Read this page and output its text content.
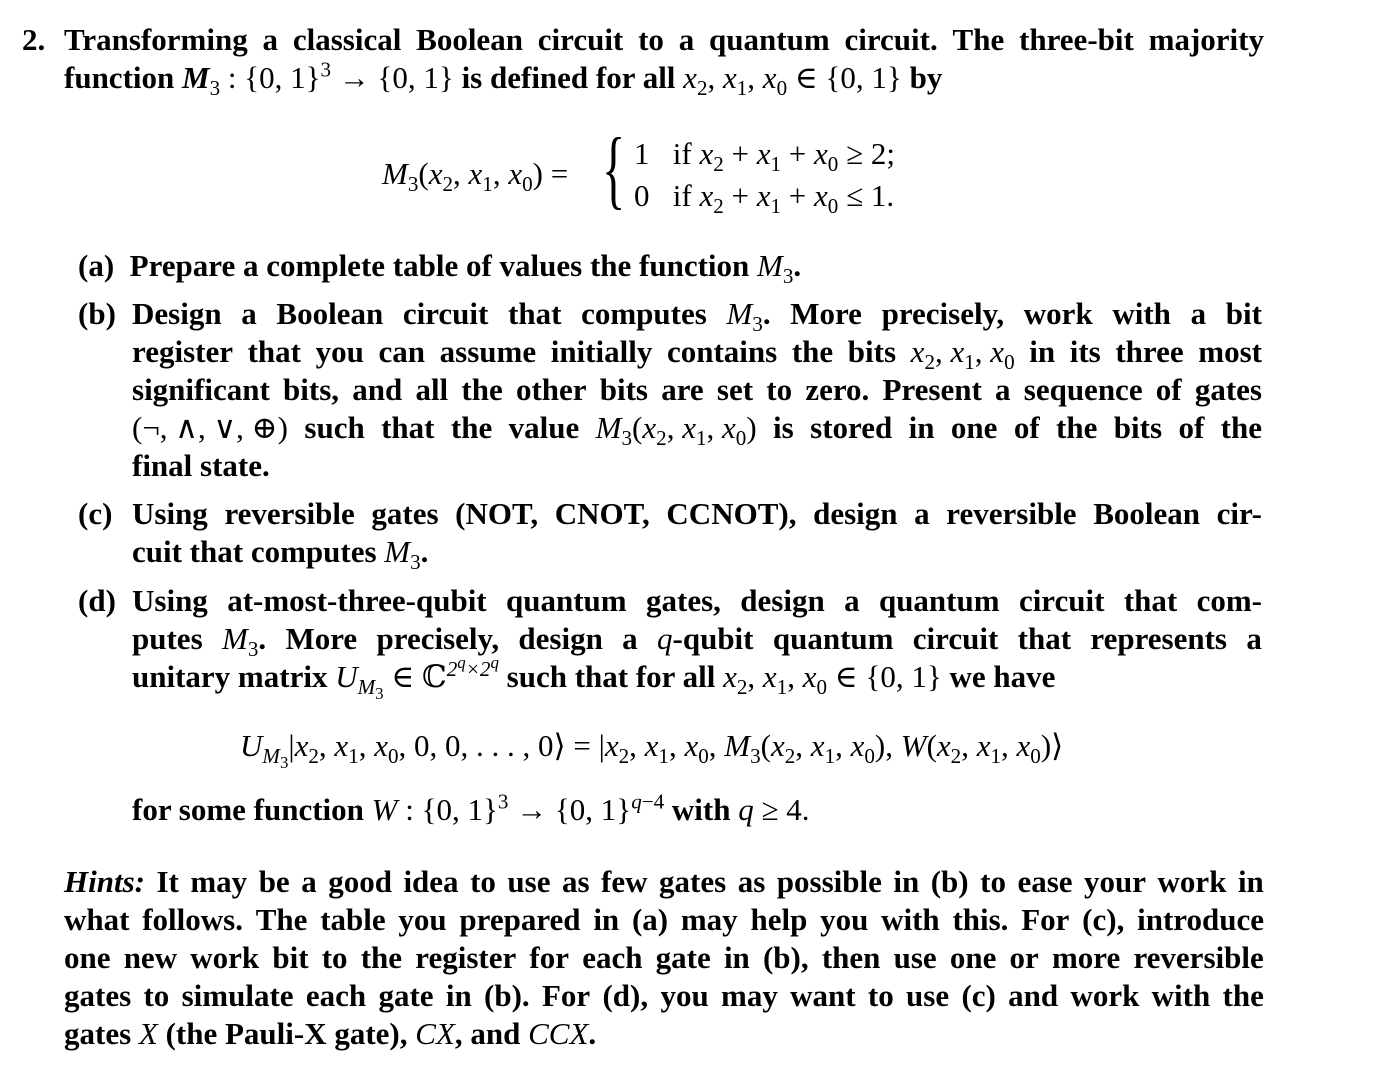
2. Transforming a classical Boolean circuit to a quantum circuit. The three-bit majority
function $M_3$ : {0, 1}$^3$ → {0, 1} is defined for all $x_2$, $x_1$, $x_0$ ∈ {0, 1} by
$M_3(x_2$, $x_1$, $x_0$) = { 1   if $x_2 + x_1 + x_0 \ge 2$;
0   if $x_2 + x_1 + x_0 \le 1$.
(a)  Prepare a complete table of values the function $M_3$.
(b) Design a Boolean circuit that computes $M_3$. More precisely, work with a bit
register that you can assume initially contains the bits $x_2$, $x_1$, $x_0$ in its three most
significant bits, and all the other bits are set to zero. Present a sequence of gates
(¬, ∧, ∨, ⊕) such that the value $M_3(x_2$, $x_1$, $x_0$) is stored in one of the bits of the
final state.
(c) Using reversible gates (NOT, CNOT, CCNOT), design a reversible Boolean cir-
cuit that computes $M_3$.
(d) Using at-most-three-qubit quantum gates, design a quantum circuit that com-
putes $M_3$. More precisely, design a q-qubit quantum circuit that represents a
unitary matrix $U_{M_3}$ ∈ ℂ$^{2^q\times 2^q}$ such that for all $x_2$, $x_1$, $x_0$ ∈ {0, 1} we have
$U_{M_3}|x_2$, $x_1$, $x_0$, 0, 0, . . . , 0⟩ = $|x_2$, $x_1$, $x_0$, $M_3(x_2$, $x_1$, $x_0$), $W(x_2$, $x_1$, $x_0)⟩$
for some function W : {0, 1}$^3$ → {0, 1}$^{q-4}$ with q ≥ 4.
Hints: It may be a good idea to use as few gates as possible in (b) to ease your work in
what follows. The table you prepared in (a) may help you with this. For (c), introduce
one new work bit to the register for each gate in (b), then use one or more reversible
gates to simulate each gate in (b). For (d), you may want to use (c) and work with the
gates X (the Pauli-X gate), CX, and CCX.
